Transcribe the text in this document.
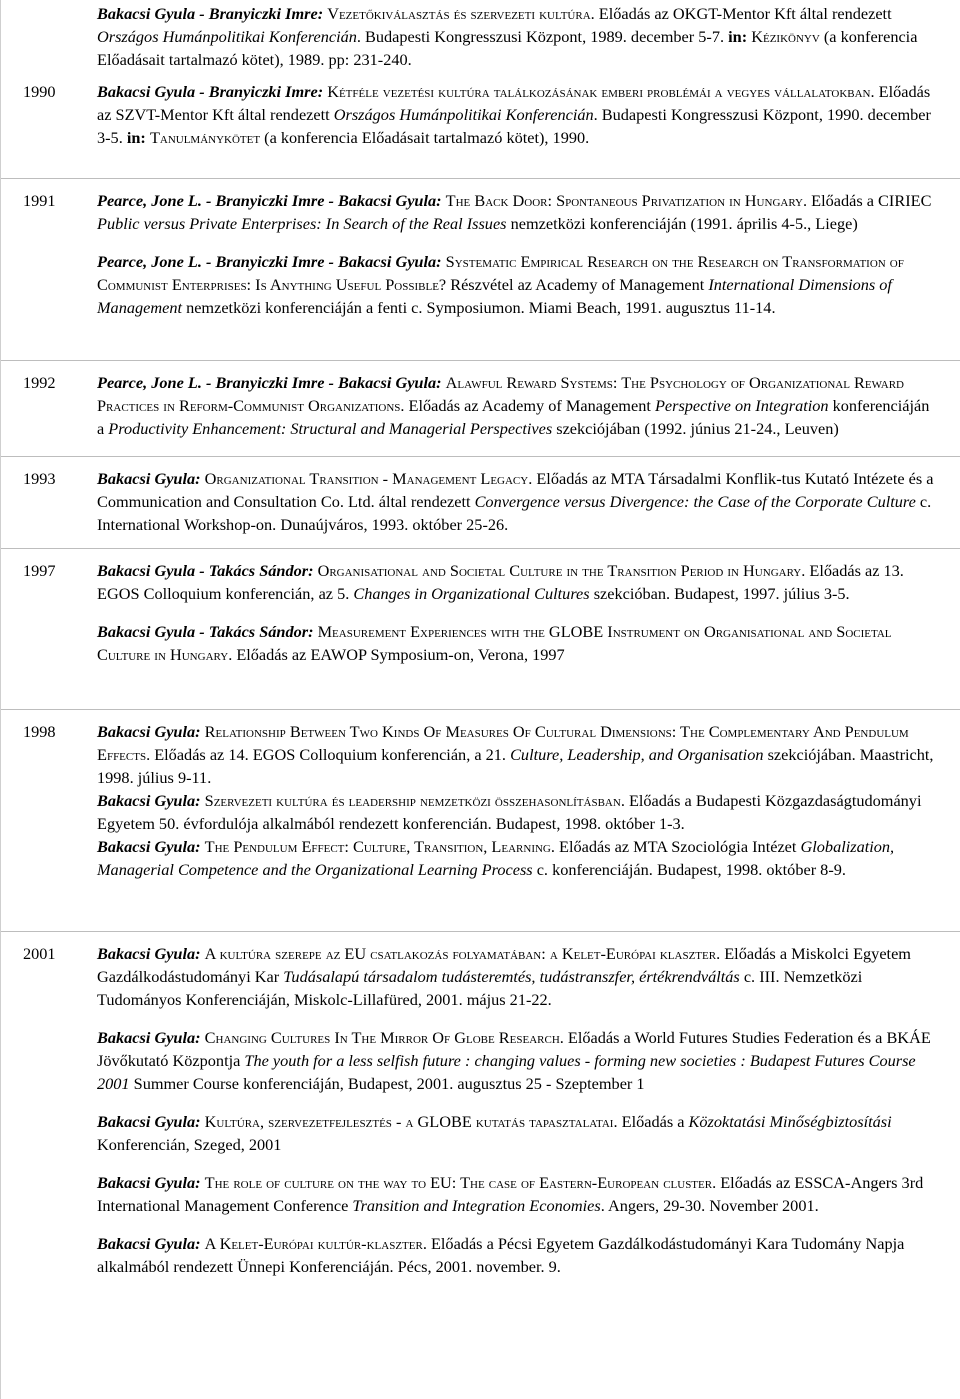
Bakacsi Gyula - Branyiczki Imre: Vezetőkiválasztás és szervezeti kultúra. Előadás az OKGT-Mentor Kft által rendezett Országos Humánpolitikai Konferencián. Budapesti Kongresszusi Központ, 1989. december 5-7. in: Kézikönyv (a konferencia Előadásait tartalmazó kötet), 1989. pp: 231-240.

1990	Bakacsi Gyula - Branyiczki Imre: Kétféle vezetési kultúra találkozásának emberi problémái a vegyes vállalatokban. Előadás az SZVT-Mentor Kft által rendezett Országos Humánpolitikai Konferencián. Budapesti Kongresszusi Központ, 1990. december 3-5. in: Tanulmánykötet (a konferencia Előadásait tartalmazó kötet), 1990.

1991	Pearce, Jone L. - Branyiczki Imre - Bakacsi Gyula: The Back Door: Spontaneous Privatization in Hungary. Előadás a CIRIEC Public versus Private Enterprises: In Search of the Real Issues nemzetközi konferenciáján (1991. április 4-5., Liege)

Pearce, Jone L. - Branyiczki Imre - Bakacsi Gyula: Systematic Empirical Research on the Research on Transformation of Communist Enterprises: Is Anything Useful Possible? Részvétel az Academy of Management International Dimensions of Management nemzetközi konferenciáján a fenti c. Symposiumon. Miami Beach, 1991. augusztus 11-14.

1992	Pearce, Jone L. - Branyiczki Imre - Bakacsi Gyula: Alawful Reward Systems: The Psychology of Organizational Reward Practices in Reform-Communist Organizations. Előadás az Academy of Management Perspective on Integration konferenciáján a Productivity Enhancement: Structural and Managerial Perspectives szekciójában (1992. június 21-24., Leuven)

1993	Bakacsi Gyula: Organizational Transition - Management Legacy. Előadás az MTA Társadalmi Konflik-tus Kutató Intézete és a Communication and Consultation Co. Ltd. által rendezett Convergence versus Divergence: the Case of the Corporate Culture c. International Workshop-on. Dunaújváros, 1993. október 25-26.

1997	Bakacsi Gyula - Takács Sándor: Organisational and Societal Culture in the Transition Period in Hungary. Előadás az 13. EGOS Colloquium konferencián, az 5. Changes in Organizational Cultures szekcióban. Budapest, 1997. július 3-5.

Bakacsi Gyula - Takács Sándor: Measurement Experiences with the GLOBE Instrument on Organisational and Societal Culture in Hungary. Előadás az EAWOP Symposium-on, Verona, 1997

1998	Bakacsi Gyula: Relationship Between Two Kinds Of Measures Of Cultural Dimensions: The Complementary And Pendulum Effects. Előadás az 14. EGOS Colloquium konferencián, a 21. Culture, Leadership, and Organisation szekciójában. Maastricht, 1998. július 9-11.

Bakacsi Gyula: Szervezeti kultúra és leadership nemzetközi összehasonlításban. Előadás a Budapesti Közgazdaságtudományi Egyetem 50. évfordulója alkalmából rendezett konferencián. Budapest, 1998. október 1-3.

Bakacsi Gyula: The Pendulum Effect: Culture, Transition, Learning. Előadás az MTA Szociológia Intézet Globalization, Managerial Competence and the Organizational Learning Process c. konferenciáján. Budapest, 1998. október 8-9.

2001	Bakacsi Gyula: A kultúra szerepe az EU csatlakozás folyamatában: a Kelet-Európai klaszter. Előadás a Miskolci Egyetem Gazdálkodástudományi Kar Tudásalapú társadalom tudásteremtés, tudástranszfer, értékrendváltás c. III. Nemzetközi Tudományos Konferenciáján, Miskolc-Lillafüred, 2001. május 21-22.

Bakacsi Gyula: Changing Cultures In The Mirror Of Globe Research. Előadás a World Futures Studies Federation és a BKÁE Jövőkutató Központja The youth for a less selfish future : changing values - forming new societies : Budapest Futures Course 2001 Summer Course konferenciáján, Budapest, 2001. augusztus 25 - Szeptember 1

Bakacsi Gyula: Kultúra, szervezetfejlesztés - a GLOBE kutatás tapasztalatai. Előadás a Közoktatási Minőségbiztosítási Konferencián, Szeged, 2001

Bakacsi Gyula: The role of culture on the way to EU: The case of Eastern-European cluster. Előadás az ESSCA-Angers 3rd International Management Conference Transition and Integration Economies. Angers, 29-30. November 2001.

Bakacsi Gyula: A Kelet-Európai kultúr-klaszter. Előadás a Pécsi Egyetem Gazdálkodástudományi Kara Tudomány Napja alkalmából rendezett Ünnepi Konferenciáján. Pécs, 2001. november. 9.
